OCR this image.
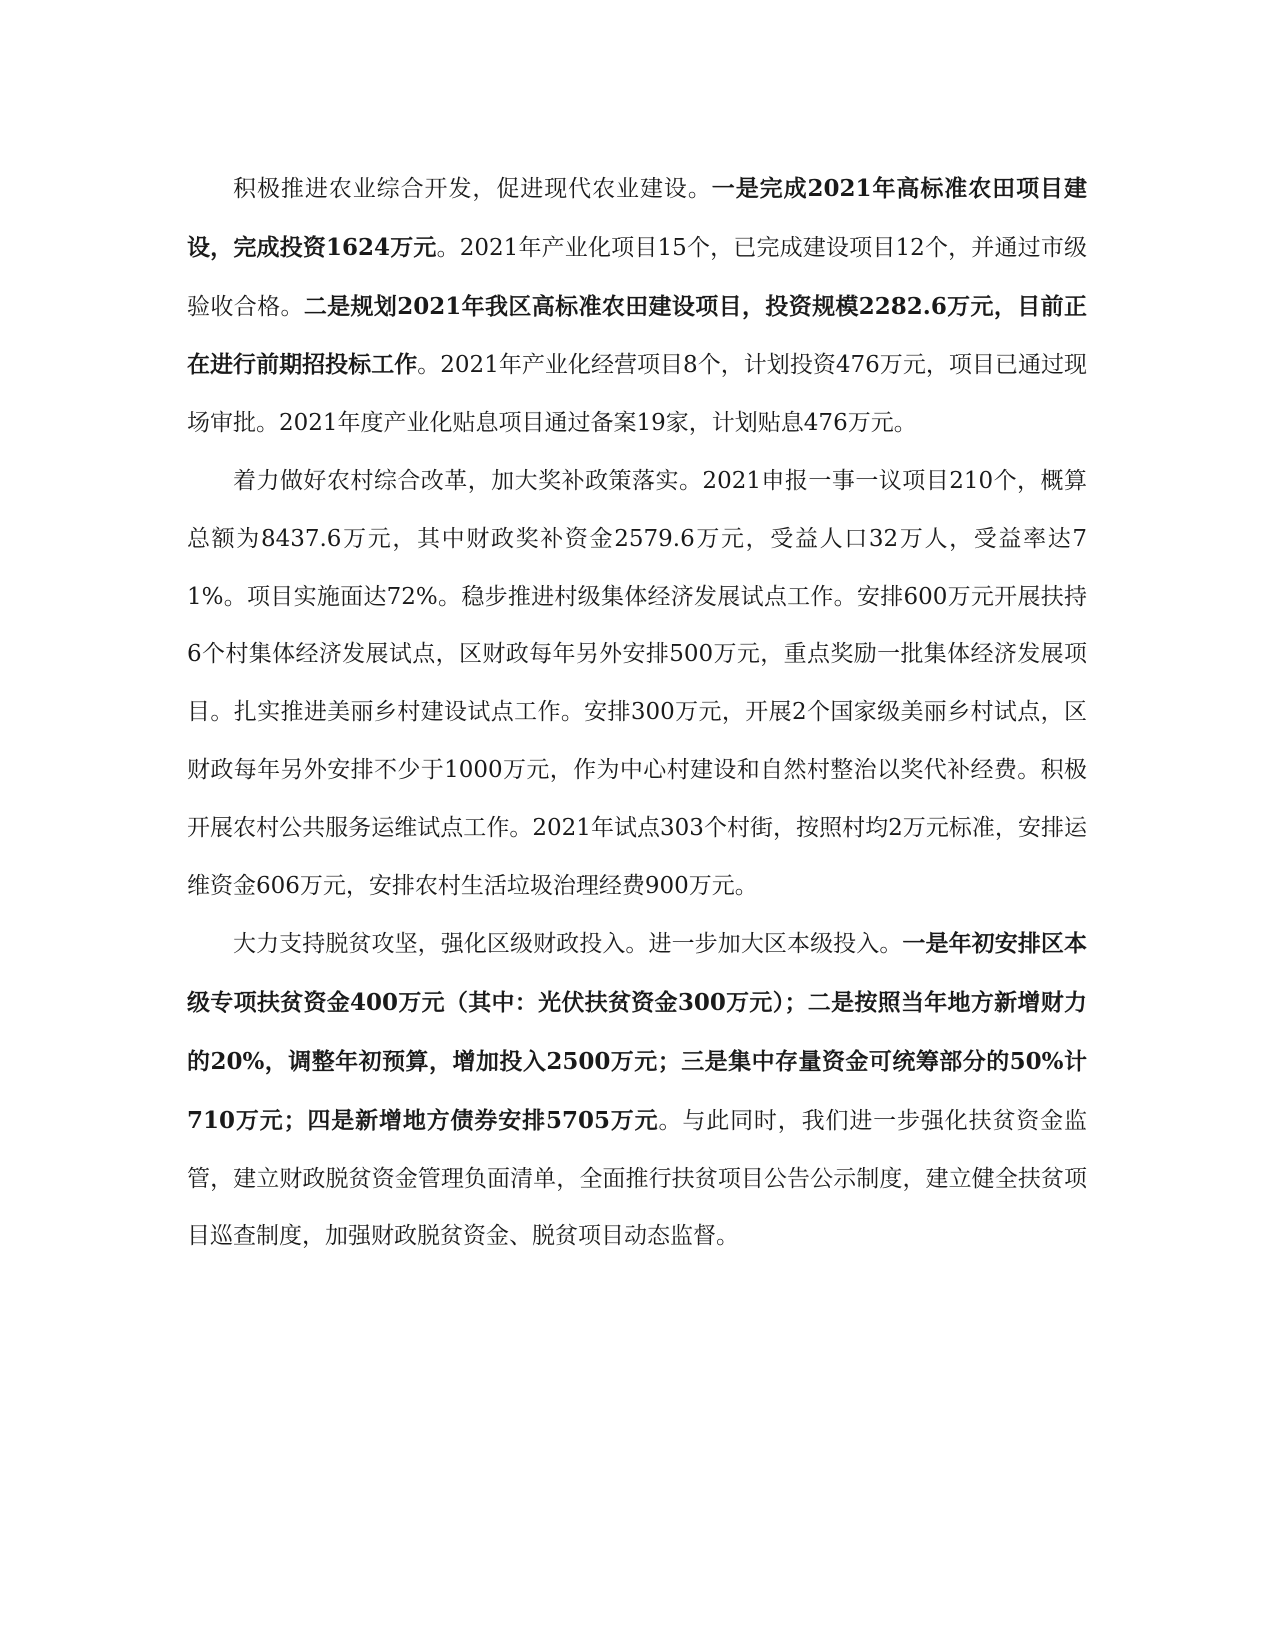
积极推进农业综合开发，促进现代农业建设。一是完成2021年高标准农田项目建设，完成投资1624万元。2021年产业化项目15个，已完成建设项目12个，并通过市级验收合格。二是规划2021年我区高标准农田建设项目，投资规模2282.6万元，目前正在进行前期招投标工作。2021年产业化经营项目8个，计划投资476万元，项目已通过现场审批。2021年度产业化贴息项目通过备案19家，计划贴息476万元。

着力做好农村综合改革，加大奖补政策落实。2021申报一事一议项目210个，概算总额为8437.6万元，其中财政奖补资金2579.6万元，受益人口32万人，受益率达71%。项目实施面达72%。稳步推进村级集体经济发展试点工作。安排600万元开展扶持6个村集体经济发展试点，区财政每年另外安排500万元，重点奖励一批集体经济发展项目。扎实推进美丽乡村建设试点工作。安排300万元，开展2个国家级美丽乡村试点，区财政每年另外安排不少于1000万元，作为中心村建设和自然村整治以奖代补经费。积极开展农村公共服务运维试点工作。2021年试点303个村街，按照村均2万元标准，安排运维资金606万元，安排农村生活垃圾治理经费900万元。

大力支持脱贫攻坚，强化区级财政投入。进一步加大区本级投入。一是年初安排区本级专项扶贫资金400万元（其中：光伏扶贫资金300万元）；二是按照当年地方新增财力的20%，调整年初预算，增加投入2500万元；三是集中存量资金可统筹部分的50%计710万元；四是新增地方债券安排5705万元。与此同时，我们进一步强化扶贫资金监管，建立财政脱贫资金管理负面清单，全面推行扶贫项目公告公示制度，建立健全扶贫项目巡查制度，加强财政脱贫资金、脱贫项目动态监督。
